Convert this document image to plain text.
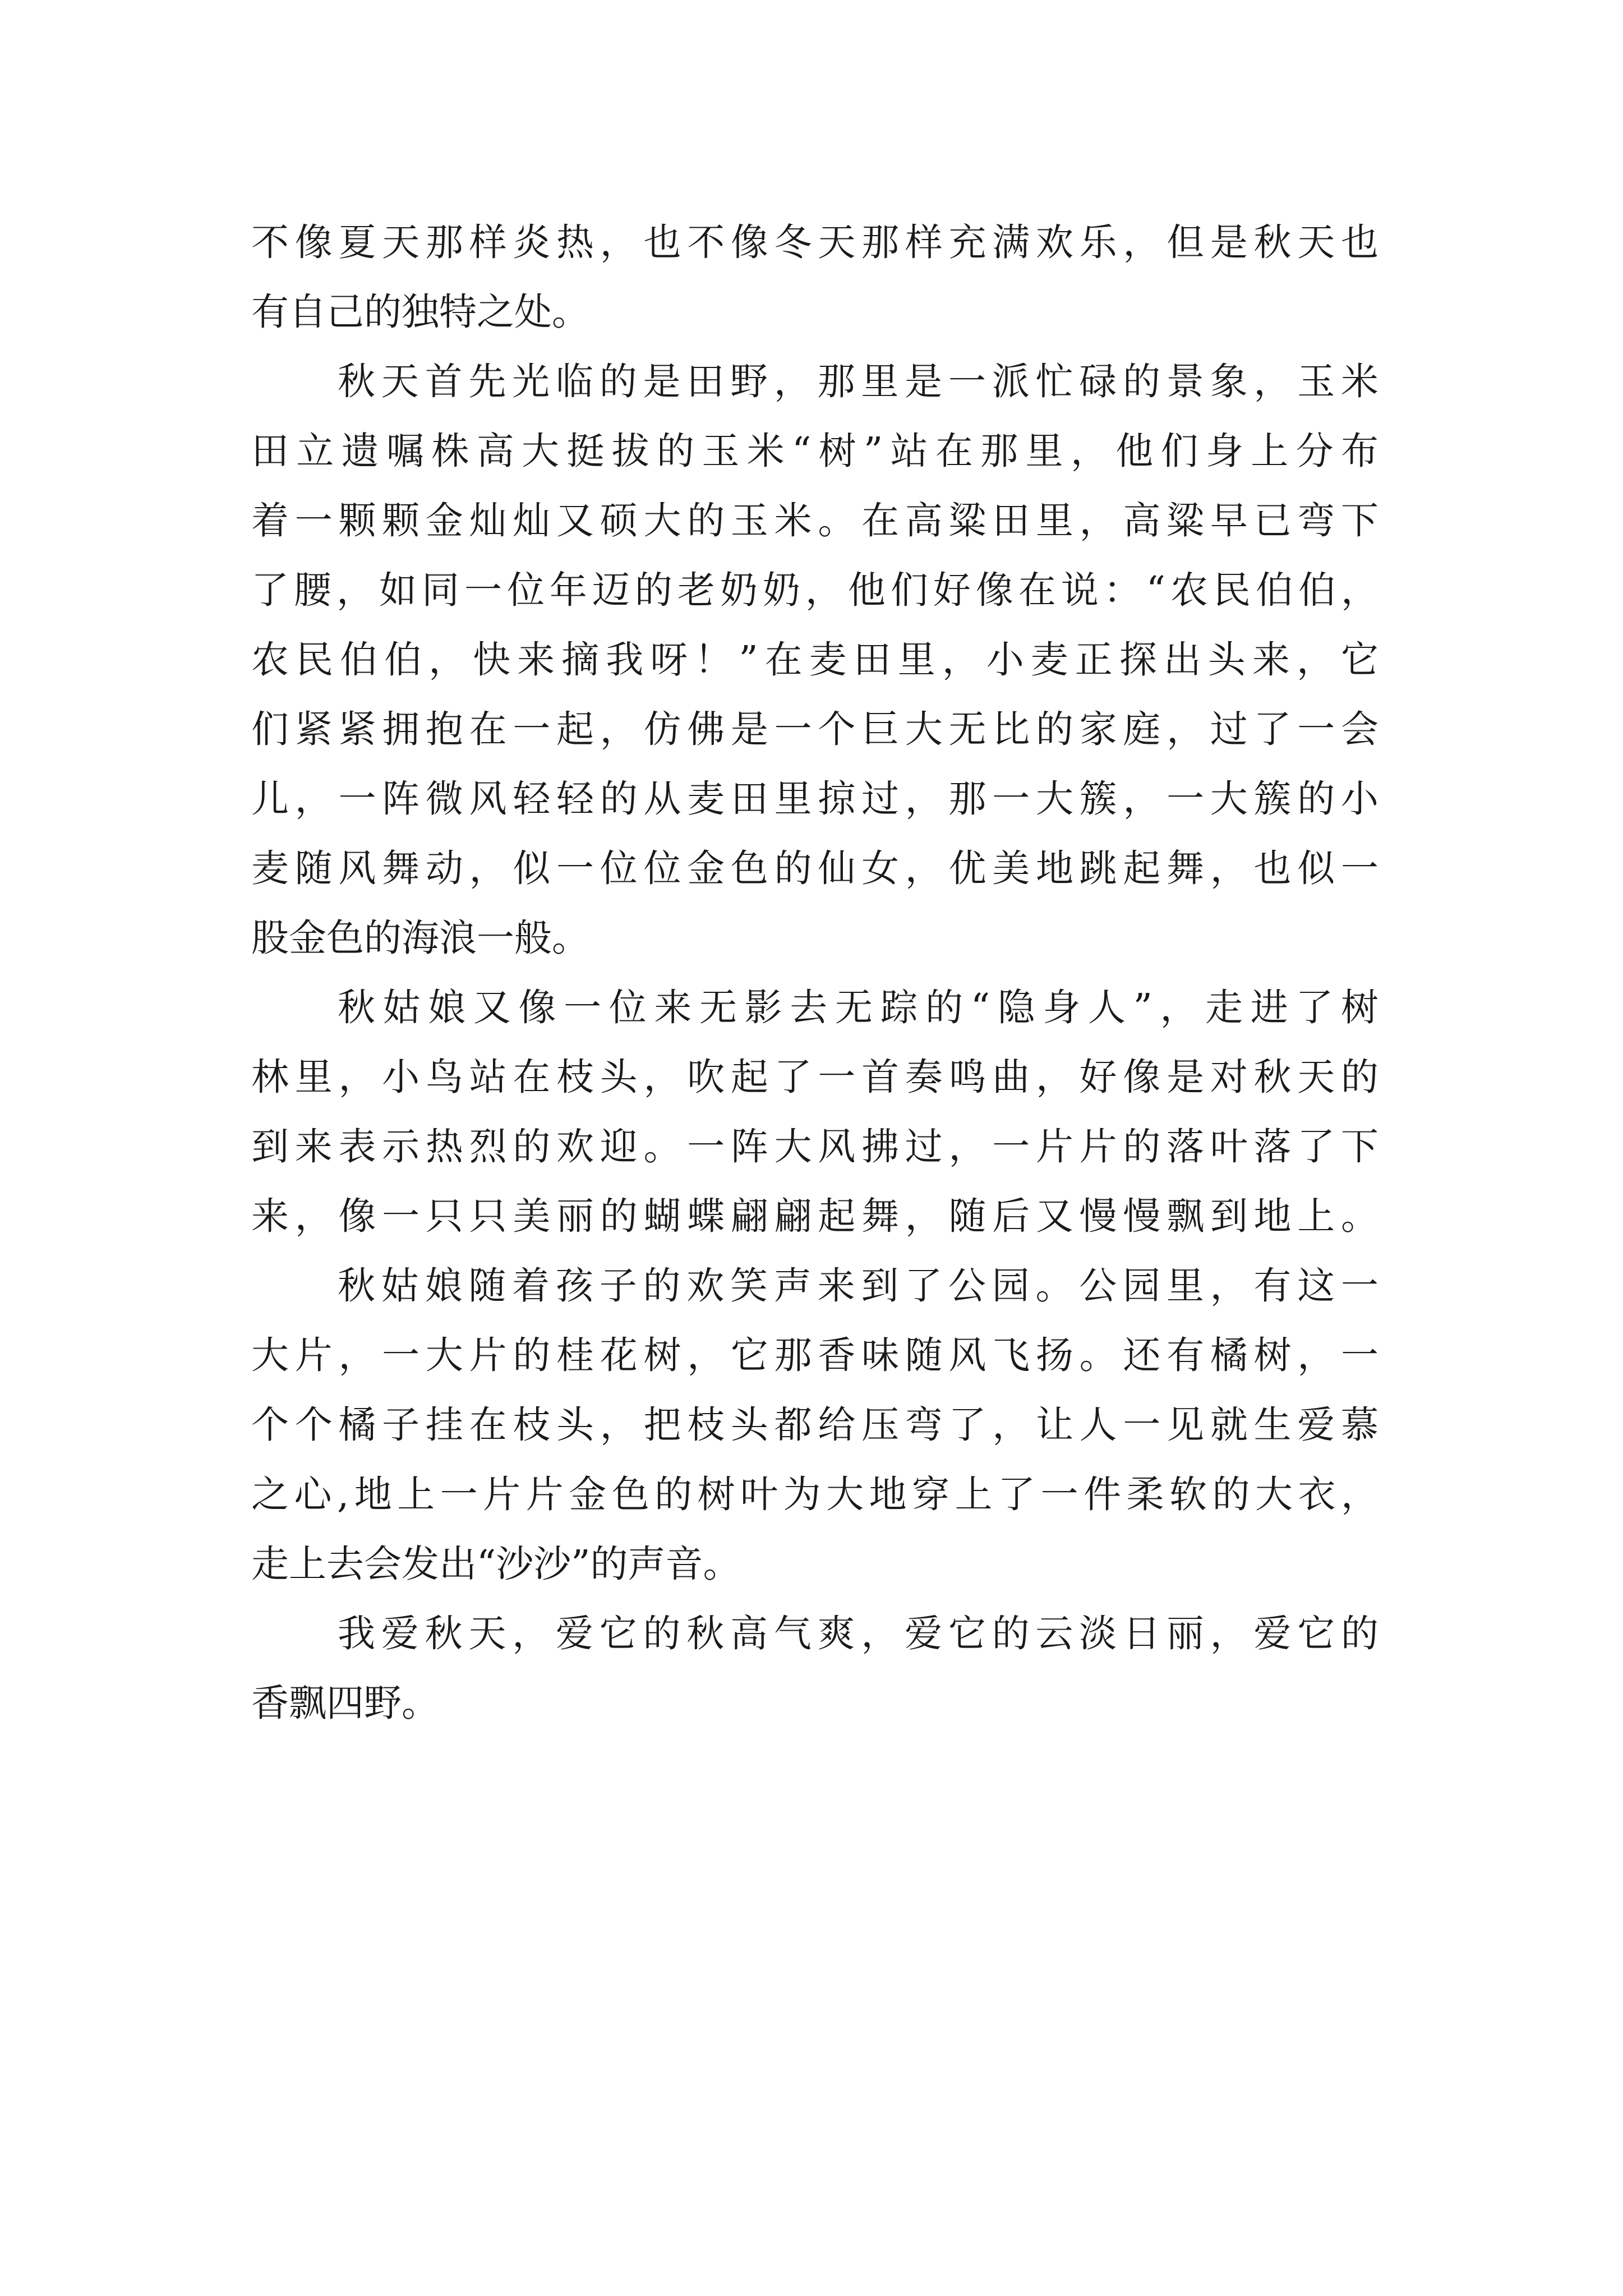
不像夏天那样炎热，也不像冬天那样充满欢乐，但是秋天也
有自己的独特之处。

秋天首先光临的是田野，那里是一派忙碌的景象，玉米
田立遗嘱株高大挺拔的玉米“树”站在那里，他们身上分布
着一颗颗金灿灿又硕大的玉米。在高粱田里，高粱早已弯下
了腰，如同一位年迈的老奶奶，他们好像在说：“农民伯伯，
农民伯伯，快来摘我呀！”在麦田里，小麦正探出头来，它
们紧紧拥抱在一起，仿佛是一个巨大无比的家庭，过了一会
儿，一阵微风轻轻的从麦田里掠过，那一大簇，一大簇的小
麦随风舞动，似一位位金色的仙女，优美地跳起舞，也似一
股金色的海浪一般。

秋姑娘又像一位来无影去无踪的“隐身人”，走进了树
林里，小鸟站在枝头，吹起了一首奏鸣曲，好像是对秋天的
到来表示热烈的欢迎。一阵大风拂过，一片片的落叶落了下
来，像一只只美丽的蝴蝶翩翩起舞，随后又慢慢飘到地上。

秋姑娘随着孩子的欢笑声来到了公园。公园里，有这一
大片，一大片的桂花树，它那香味随风飞扬。还有橘树，一
个个橘子挂在枝头，把枝头都给压弯了，让人一见就生爱慕
之心,地上一片片金色的树叶为大地穿上了一件柔软的大衣，
走上去会发出“沙沙”的声音。

我爱秋天，爱它的秋高气爽，爱它的云淡日丽，爱它的
香飘四野。
